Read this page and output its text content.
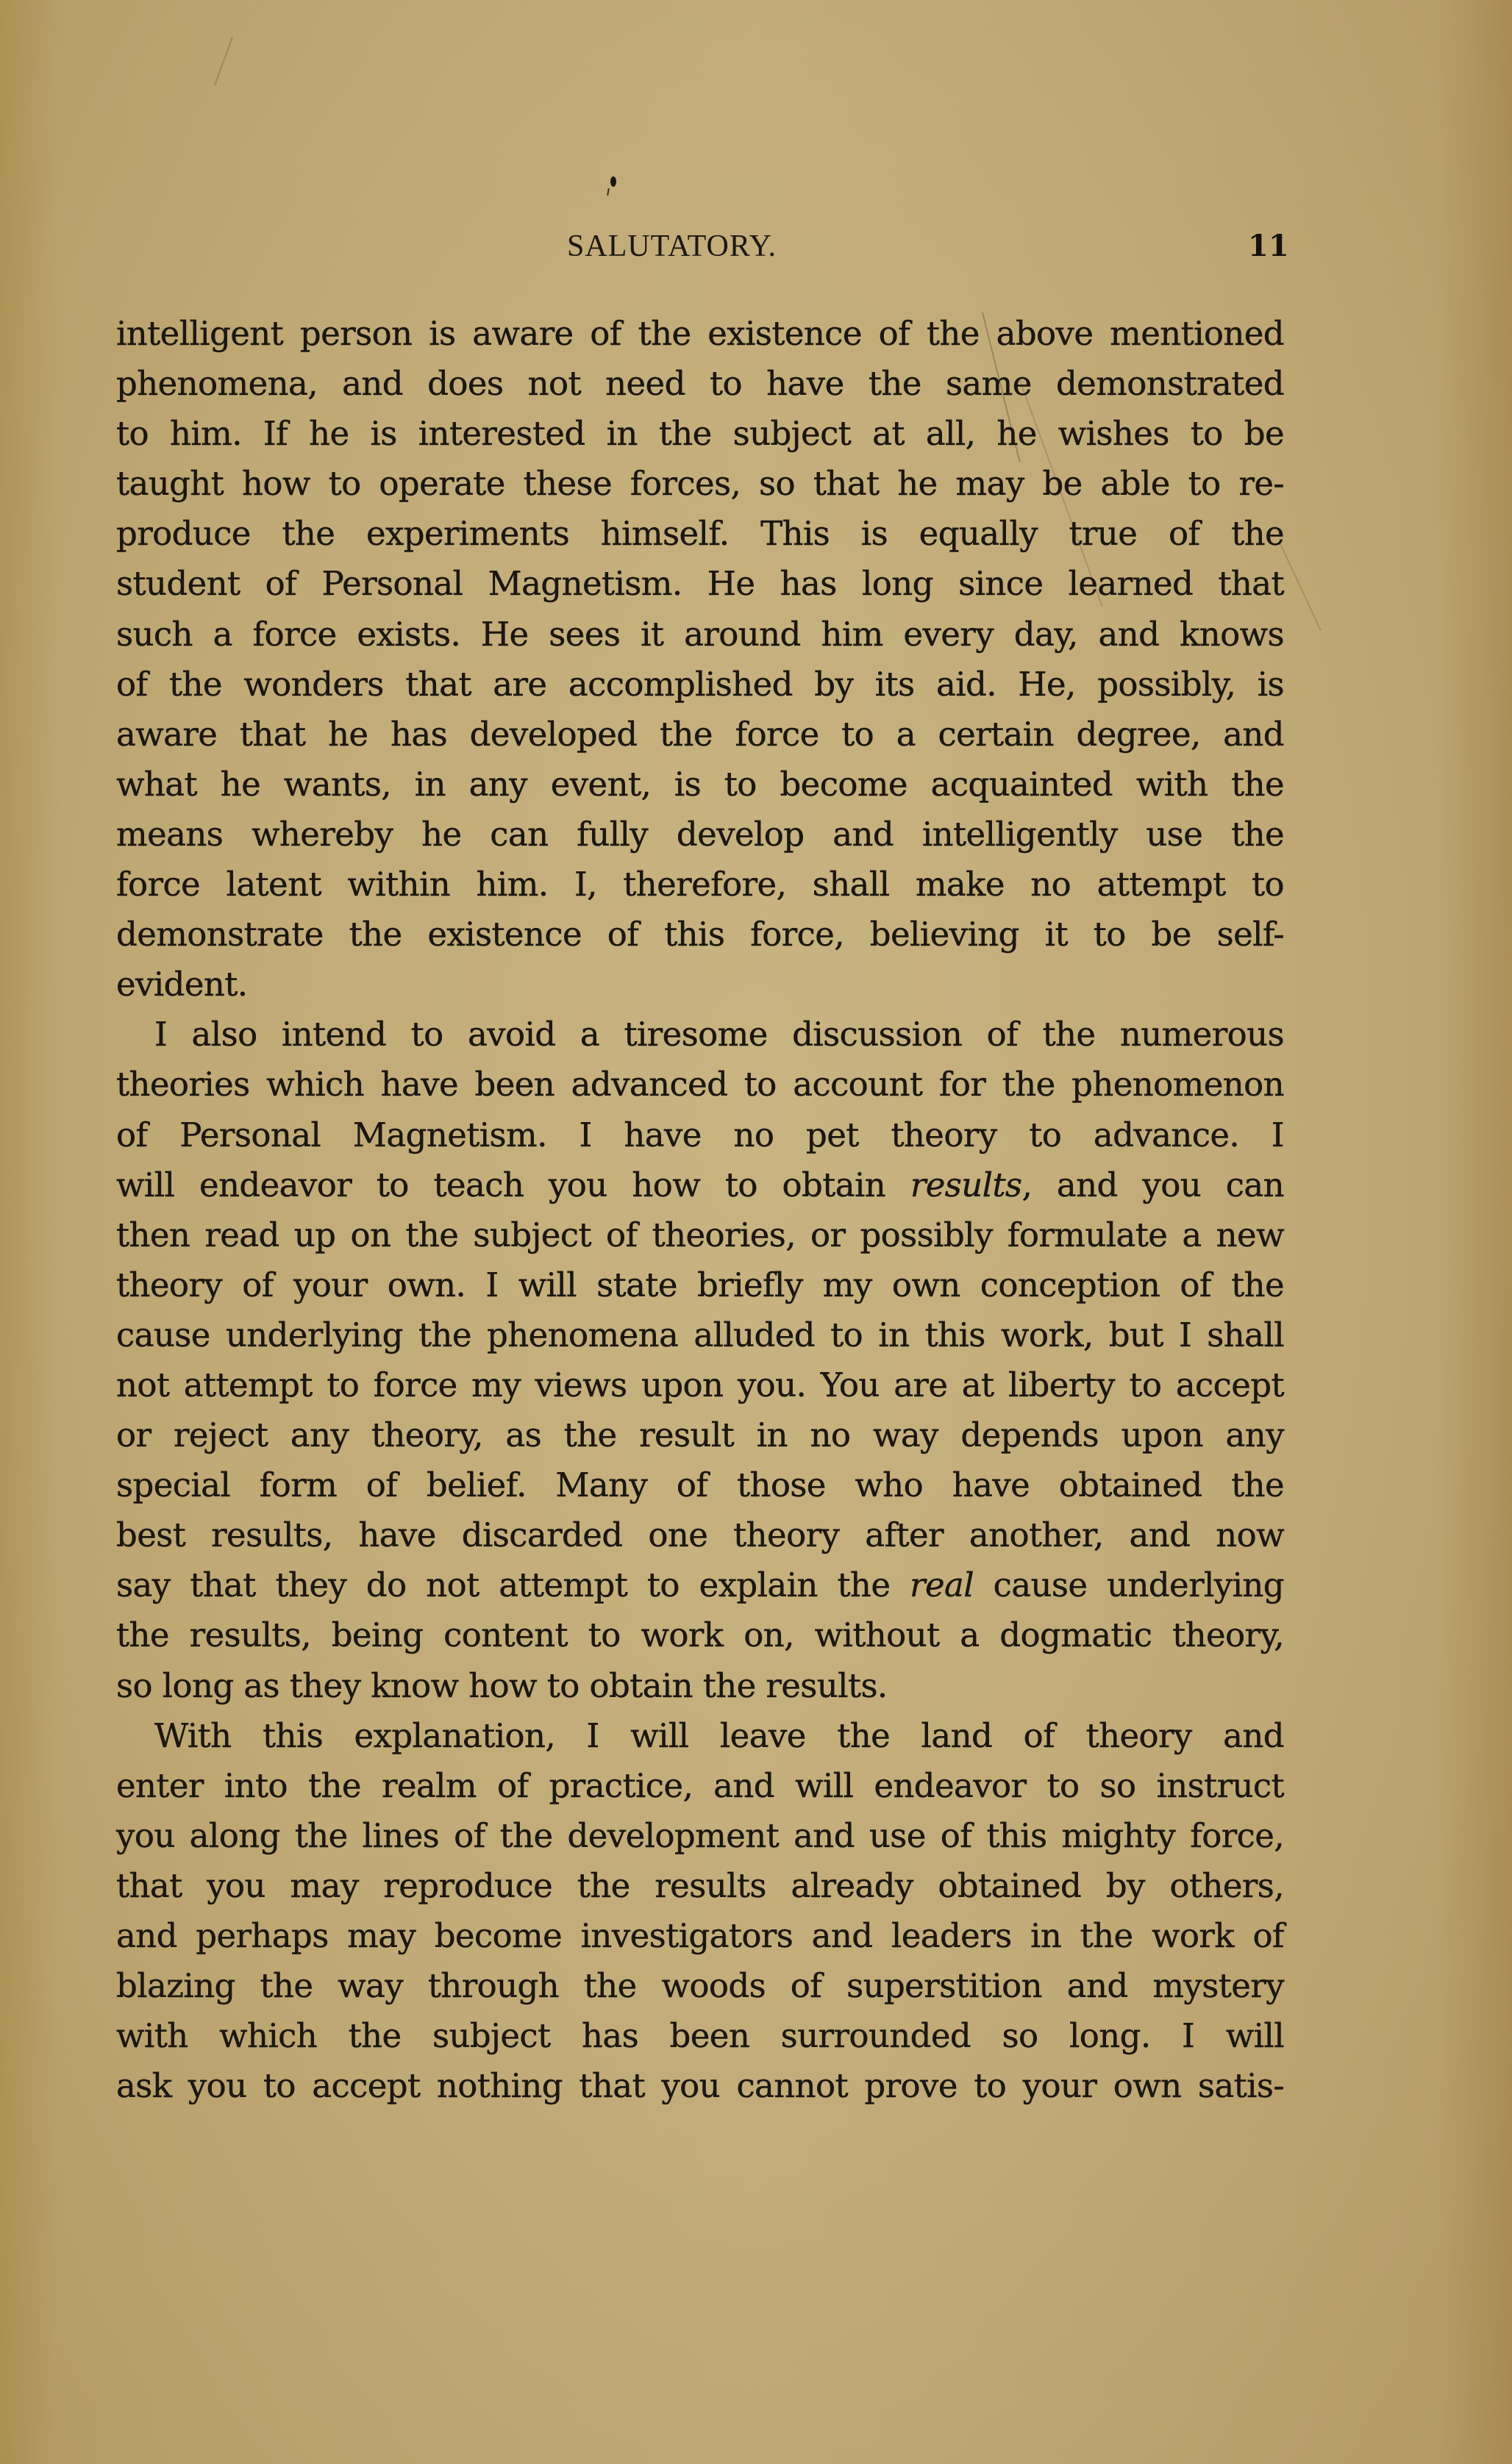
SALUTATORY.	11
intelligent person is aware of the existence of the above mentioned
phenomena, and does not need to have the same demonstrated
to him. If he is interested in the subject at all, he wishes to be
taught how to operate these forces, so that he may be able to re-
produce the experiments himself. This is equally true of the
student of Personal Magnetism. He has long since learned that
such a force exists. He sees it around him every day, and knows
of the wonders that are accomplished by its aid. He, possibly, is
aware that he has developed the force to a certain degree, and
what he wants, in any event, is to become acquainted with the
means whereby he can fully develop and intelligently use the
force latent within him. I, therefore, shall make no attempt to
demonstrate the existence of this force, believing it to be self-
evident.
I also intend to avoid a tiresome discussion of the numerous
theories which have been advanced to account for the phenomenon
of Personal Magnetism. I have no pet theory to advance. I
will endeavor to teach you how to obtain results, and you can
then read up on the subject of theories, or possibly formulate a new
theory of your own. I will state briefly my own conception of the
cause underlying the phenomena alluded to in this work, but I shall
not attempt to force my views upon you. You are at liberty to accept
or reject any theory, as the result in no way depends upon any
special form of belief. Many of those who have obtained the
best results, have discarded one theory after another, and now
say that they do not attempt to explain the real cause underlying
the results, being content to work on, without a dogmatic theory,
so long as they know how to obtain the results.
With this explanation, I will leave the land of theory and
enter into the realm of practice, and will endeavor to so instruct
you along the lines of the development and use of this mighty force,
that you may reproduce the results already obtained by others,
and perhaps may become investigators and leaders in the work of
blazing the way through the woods of superstition and mystery
with which the subject has been surrounded so long. I will
ask you to accept nothing that you cannot prove to your own satis-
